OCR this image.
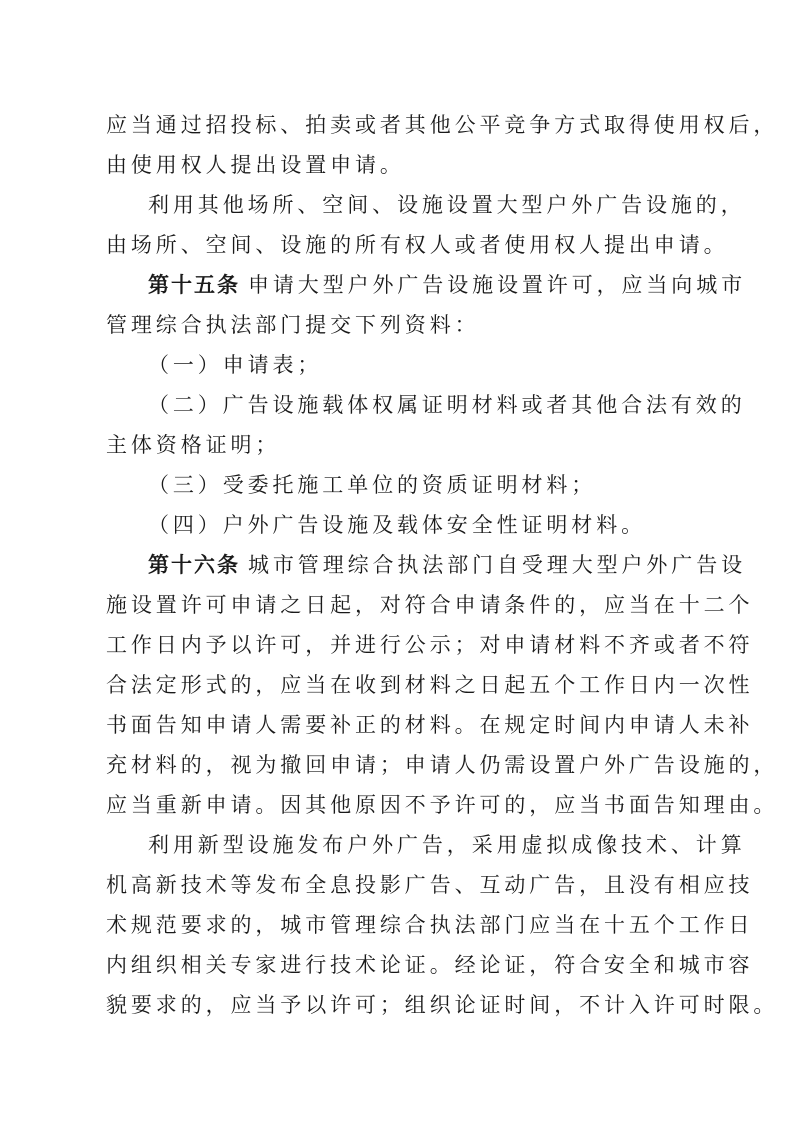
应当通过招投标、拍卖或者其他公平竞争方式取得使用权后，
由使用权人提出设置申请。
利用其他场所、空间、设施设置大型户外广告设施的，
由场所、空间、设施的所有权人或者使用权人提出申请。
第十五条 申请大型户外广告设施设置许可，应当向城市
管理综合执法部门提交下列资料：
（一）申请表；
（二）广告设施载体权属证明材料或者其他合法有效的
主体资格证明；
（三）受委托施工单位的资质证明材料；
（四）户外广告设施及载体安全性证明材料。
第十六条 城市管理综合执法部门自受理大型户外广告设
施设置许可申请之日起，对符合申请条件的，应当在十二个
工作日内予以许可，并进行公示；对申请材料不齐或者不符
合法定形式的，应当在收到材料之日起五个工作日内一次性
书面告知申请人需要补正的材料。在规定时间内申请人未补
充材料的，视为撤回申请；申请人仍需设置户外广告设施的，
应当重新申请。因其他原因不予许可的，应当书面告知理由。
利用新型设施发布户外广告，采用虚拟成像技术、计算
机高新技术等发布全息投影广告、互动广告，且没有相应技
术规范要求的，城市管理综合执法部门应当在十五个工作日
内组织相关专家进行技术论证。经论证，符合安全和城市容
貌要求的，应当予以许可；组织论证时间，不计入许可时限。
